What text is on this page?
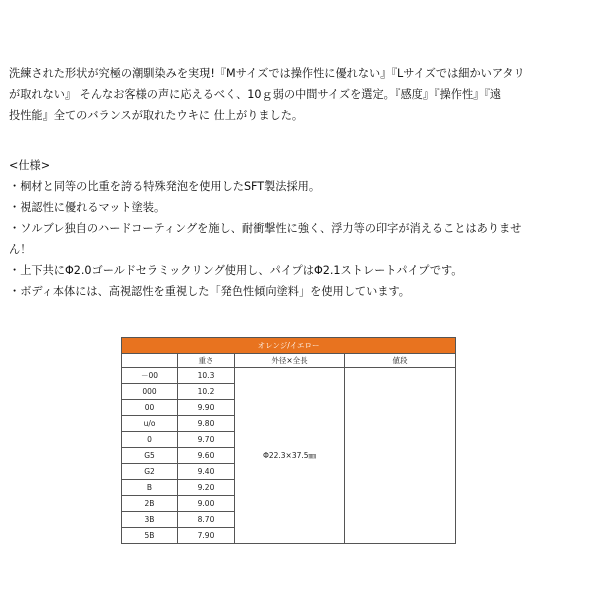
洗練された形状が究極の潮馴染みを実現!『Mサイズでは操作性に優れない』『Lサイズでは細かいアタリ

が取れない』 そんなお客様の声に応えるべく、10ｇ弱の中間サイズを選定。『感度』『操作性』『遠

投性能』全てのバランスが取れたウキに 仕上がりました。

<仕様>

・桐材と同等の比重を誇る特殊発泡を使用したSFT製法採用。

・視認性に優れるマット塗装。

・ソルブレ独自のハードコーティングを施し、耐衝撃性に強く、浮力等の印字が消えることはありませ

ん！

・上下共にΦ2.0ゴールドセラミックリング使用し、パイプはΦ2.1ストレートパイプです。

・ボディ本体には、高視認性を重視した「発色性傾向塗料」を使用しています。

オレンジ/イエロー			
	重さ	外径×全長	値段
－00	10.3	Φ22.3×37.5㎜	
000	10.2		
00	9.90		
u/o	9.80		
0	9.70		
G5	9.60		
G2	9.40		
B	9.20		
2B	9.00		
3B	8.70		
5B	7.90		
